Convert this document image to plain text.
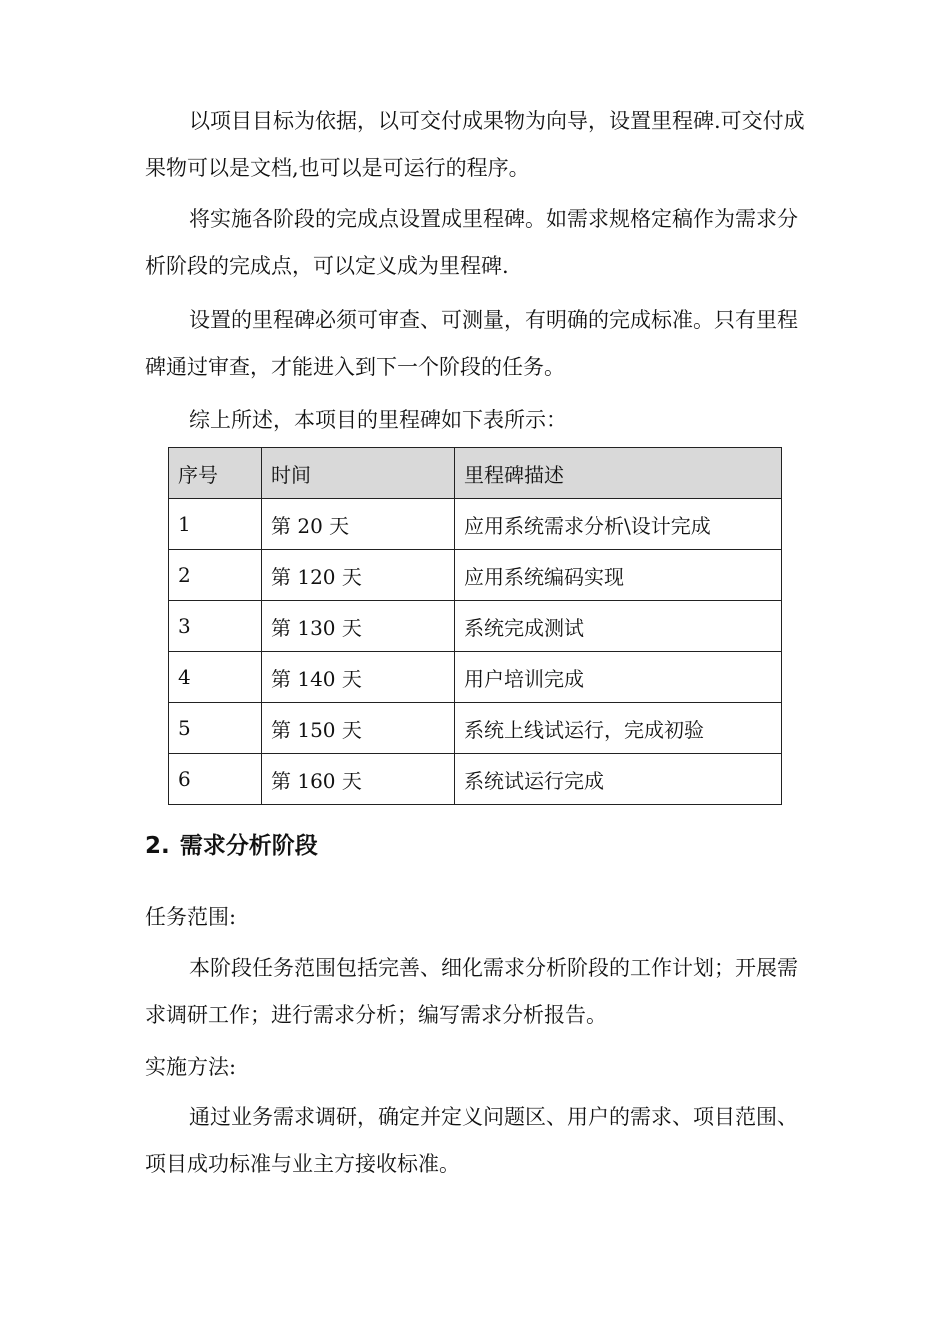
以项目目标为依据，以可交付成果物为向导，设置里程碑.可交付成果物可以是文档,也可以是可运行的程序。

将实施各阶段的完成点设置成里程碑。如需求规格定稿作为需求分析阶段的完成点，可以定义成为里程碑.

设置的里程碑必须可审查、可测量，有明确的完成标准。只有里程碑通过审查，才能进入到下一个阶段的任务。

综上所述，本项目的里程碑如下表所示：

序号	时间	里程碑描述
1	第 20 天	应用系统需求分析\设计完成
2	第 120 天	应用系统编码实现
3	第 130 天	系统完成测试
4	第 140 天	用户培训完成
5	第 150 天	系统上线试运行，完成初验
6	第 160 天	系统试运行完成
2. 需求分析阶段

任务范围:

本阶段任务范围包括完善、细化需求分析阶段的工作计划；开展需求调研工作；进行需求分析；编写需求分析报告。

实施方法:

通过业务需求调研，确定并定义问题区、用户的需求、项目范围、项目成功标准与业主方接收标准。
